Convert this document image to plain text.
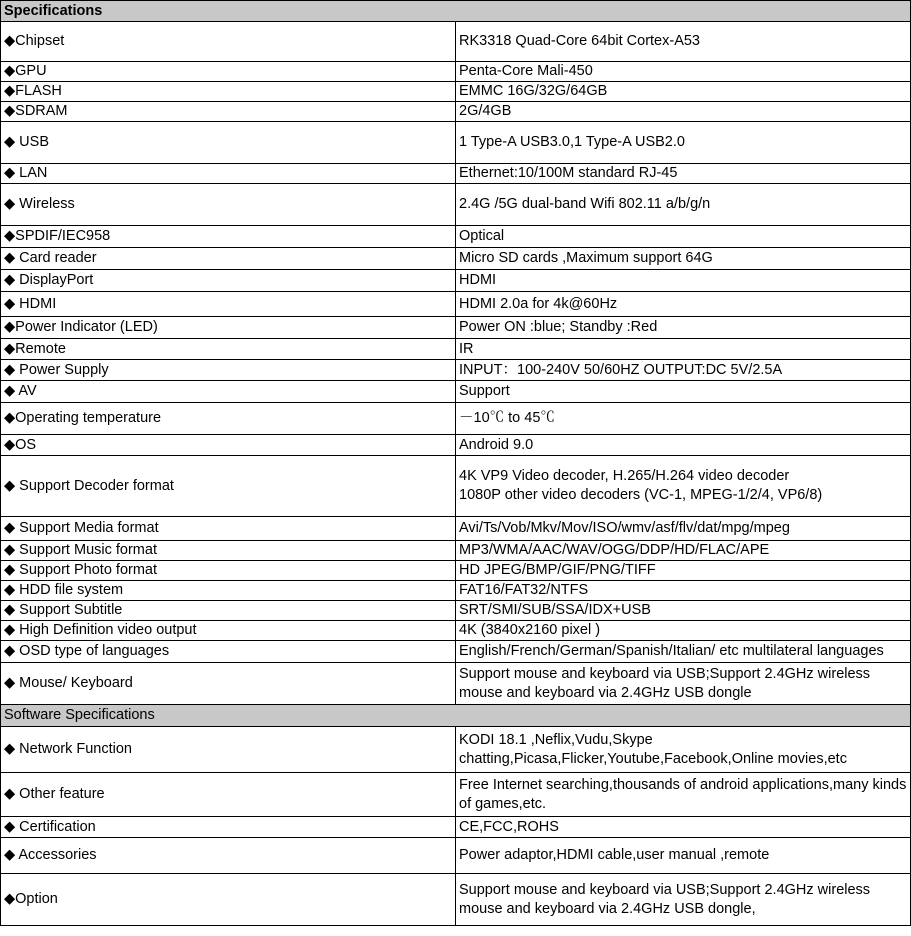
Specifications	
◆Chipset	RK3318 Quad-Core 64bit Cortex-A53
◆GPU	Penta-Core Mali-450
◆FLASH	EMMC 16G/32G/64GB
◆SDRAM	2G/4GB
◆ USB	1 Type-A USB3.0,1 Type-A USB2.0
◆ LAN	Ethernet:10/100M standard RJ-45
◆ Wireless	2.4G /5G dual-band Wifi 802.11 a/b/g/n
◆SPDIF/IEC958	Optical
◆ Card reader	Micro SD cards ,Maximum support 64G
◆ DisplayPort	HDMI
◆ HDMI	HDMI 2.0a for 4k@60Hz
◆Power Indicator (LED)	Power ON :blue; Standby :Red
◆Remote	IR
◆ Power Supply	INPUT：100-240V 50/60HZ OUTPUT:DC 5V/2.5A
◆ AV	Support
◆Operating temperature	－10℃ to 45℃
◆OS	Android 9.0
◆ Support Decoder format	4K VP9 Video decoder, H.265/H.264 video decoder
1080P other video decoders (VC-1, MPEG-1/2/4, VP6/8)
◆ Support Media format	Avi/Ts/Vob/Mkv/Mov/ISO/wmv/asf/flv/dat/mpg/mpeg
◆ Support Music format	MP3/WMA/AAC/WAV/OGG/DDP/HD/FLAC/APE
◆ Support Photo format	HD JPEG/BMP/GIF/PNG/TIFF
◆ HDD file system	FAT16/FAT32/NTFS
◆ Support Subtitle	SRT/SMI/SUB/SSA/IDX+USB
◆ High Definition video output	4K (3840x2160 pixel )
◆ OSD type of languages	English/French/German/Spanish/Italian/ etc multilateral languages
◆ Mouse/ Keyboard	Support mouse and keyboard via USB;Support 2.4GHz wireless mouse and keyboard via 2.4GHz USB dongle
Software Specifications	
◆ Network Function	KODI 18.1 ,Neflix,Vudu,Skype
chatting,Picasa,Flicker,Youtube,Facebook,Online movies,etc
◆ Other feature	Free Internet searching,thousands of android applications,many kinds of games,etc.
◆ Certification	CE,FCC,ROHS
◆ Accessories	Power adaptor,HDMI cable,user manual ,remote
◆Option	Support mouse and keyboard via USB;Support 2.4GHz wireless mouse and keyboard via 2.4GHz USB dongle,
